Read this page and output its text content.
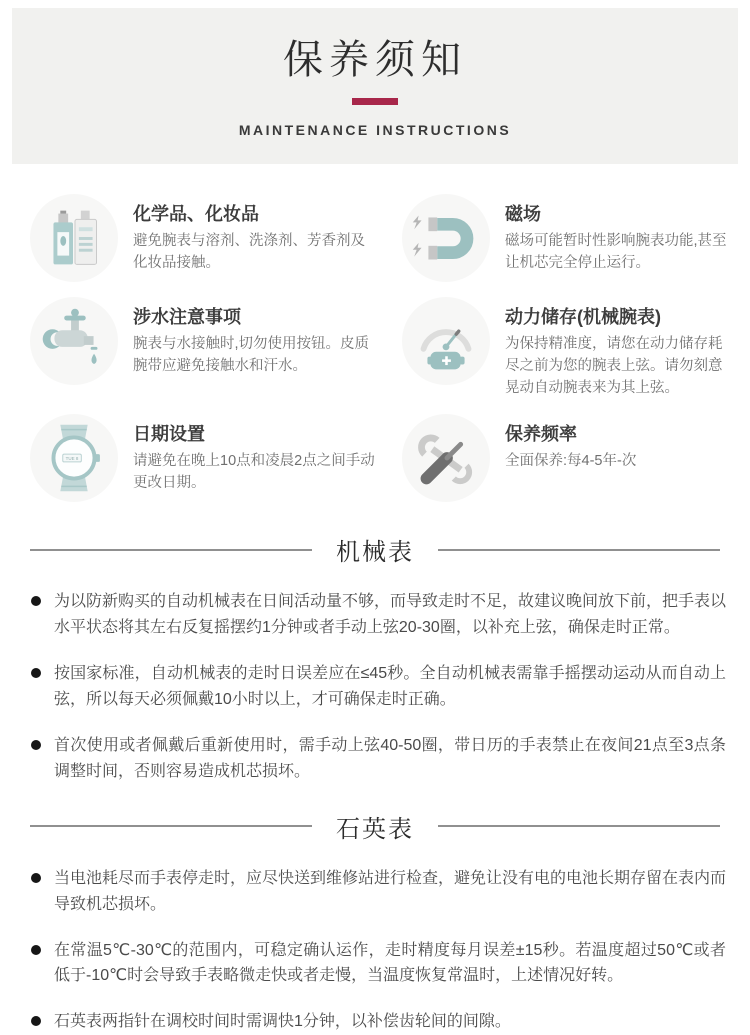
保养须知
MAINTENANCE INSTRUCTIONS
化学品、化妆品

避免腕表与溶剂、洗涤剂、芳香剂及化妆品接触。

磁场

磁场可能暂时性影响腕表功能,甚至让机芯完全停止运行。

涉水注意事项

腕表与水接触时,切勿使用按钮。皮质腕带应避免接触水和汗水。

动力储存(机械腕表)

为保持精准度，请您在动力储存耗尽之前为您的腕表上弦。请勿刻意晃动自动腕表来为其上弦。

TUE 8
日期设置

请避免在晚上10点和凌晨2点之间手动更改日期。

保养频率

全面保养:每4-5年-次

机械表

为以防新购买的自动机械表在日间活动量不够，而导致走时不足，故建议晚间放下前，把手表以水平状态将其左右反复摇摆约1分钟或者手动上弦20-30圈，以补充上弦，确保走时正常。

按国家标准，自动机械表的走时日误差应在≤45秒。全自动机械表需靠手摇摆动运动从而自动上弦，所以每天必须佩戴10小时以上，才可确保走时正确。

首次使用或者佩戴后重新使用时，需手动上弦40-50圈，带日历的手表禁止在夜间21点至3点条调整时间，否则容易造成机芯损坏。

石英表

当电池耗尽而手表停走时，应尽快送到维修站进行检查，避免让没有电的电池长期存留在表内而导致机芯损坏。

在常温5℃-30℃的范围内，可稳定确认运作，走时精度每月误差±15秒。若温度超过50℃或者低于-10℃时会导致手表略微走快或者走慢，当温度恢复常温时，上述情况好转。

石英表两指针在调校时间时需调快1分钟，以补偿齿轮间的间隙。
